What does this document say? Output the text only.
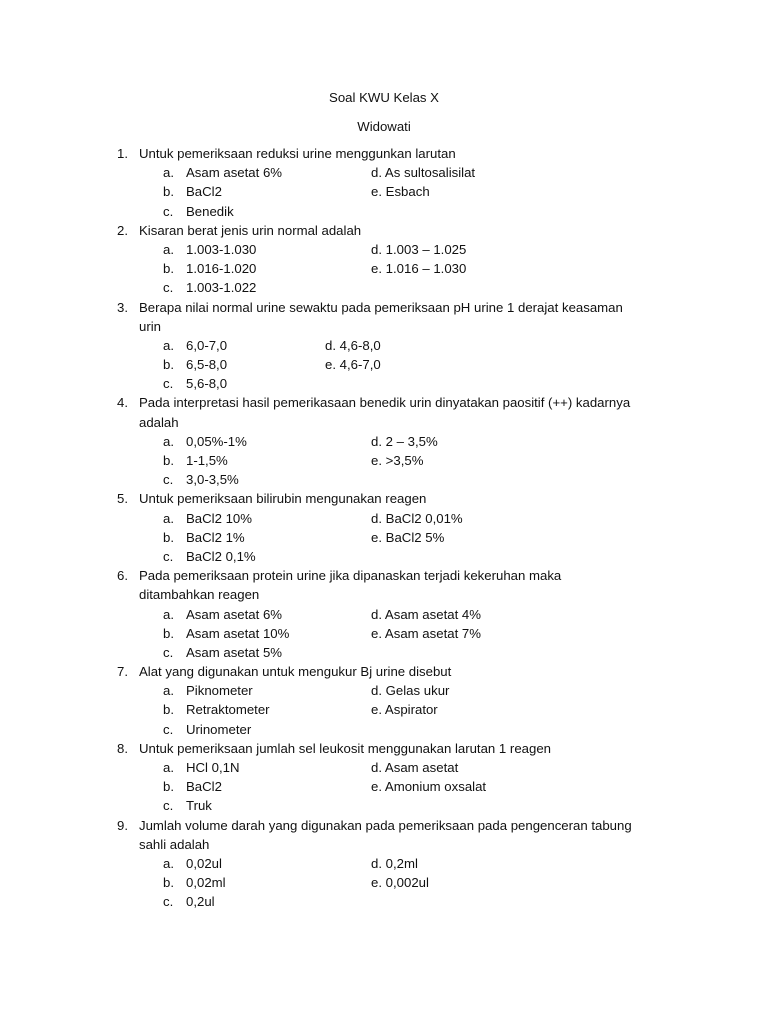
Soal KWU Kelas X
Widowati
1. Untuk pemeriksaan reduksi urine menggunkan larutan
a. Asam asetat 6%	d. As sultosalisilat
b. BaCl2	e. Esbach
c. Benedik
2. Kisaran berat jenis urin normal adalah
a. 1.003-1.030	d. 1.003 – 1.025
b. 1.016-1.020	e. 1.016 – 1.030
c. 1.003-1.022
3. Berapa nilai normal urine sewaktu pada pemeriksaan pH urine 1 derajat keasaman
urin
a. 6,0-7,0	d. 4,6-8,0
b. 6,5-8,0	e. 4,6-7,0
c. 5,6-8,0
4. Pada interpretasi hasil pemerikasaan benedik urin dinyatakan paositif (++) kadarnya
adalah
a. 0,05%-1%	d. 2 – 3,5%
b. 1-1,5%	e. >3,5%
c. 3,0-3,5%
5. Untuk pemeriksaan bilirubin mengunakan reagen
a. BaCl2 10%	d. BaCl2 0,01%
b. BaCl2 1%	e. BaCl2 5%
c. BaCl2 0,1%
6. Pada pemeriksaan protein urine jika dipanaskan terjadi kekeruhan maka
ditambahkan reagen
a. Asam asetat 6%	d. Asam asetat 4%
b. Asam asetat 10%	e. Asam asetat 7%
c. Asam asetat 5%
7. Alat yang digunakan untuk mengukur Bj urine disebut
a. Piknometer	d. Gelas ukur
b. Retraktometer	e. Aspirator
c. Urinometer
8. Untuk pemeriksaan jumlah sel leukosit menggunakan larutan 1 reagen
a. HCl 0,1N	d. Asam asetat
b. BaCl2	e. Amonium oxsalat
c. Truk
9. Jumlah volume darah yang digunakan pada pemeriksaan pada pengenceran tabung
sahli adalah
a. 0,02ul	d. 0,2ml
b. 0,02ml	e. 0,002ul
c. 0,2ul
